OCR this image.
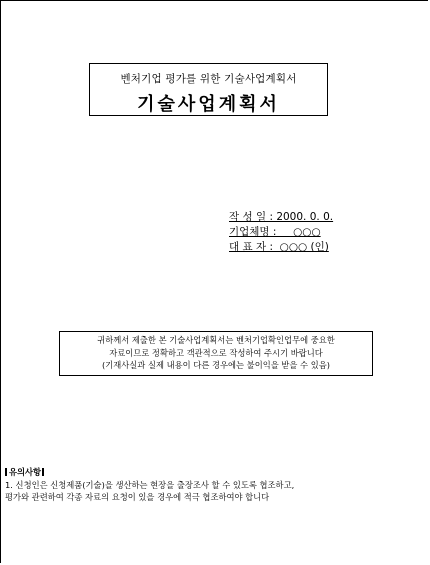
벤처기업 평가를 위한 기술사업계획서
기술사업계획서
작 성 일 : 2000. 0. 0.
기업체명 :     ○○○
대 표 자 :  ○○○ (인)
귀하께서 제출한 본 기술사업계획서는 벤처기업확인업무에 중요한
자료이므로 정확하고 객관적으로 작성하여 주시기 바랍니다
(기재사실과 실제 내용이 다른 경우에는 불이익을 받을 수 있음)
유의사항
1. 신청인은 신청제품(기술)을 생산하는 현장을 출장조사 할 수 있도록 협조하고,
평가와 관련하여 각종 자료의 요청이 있을 경우에 적극 협조하여야 합니다
